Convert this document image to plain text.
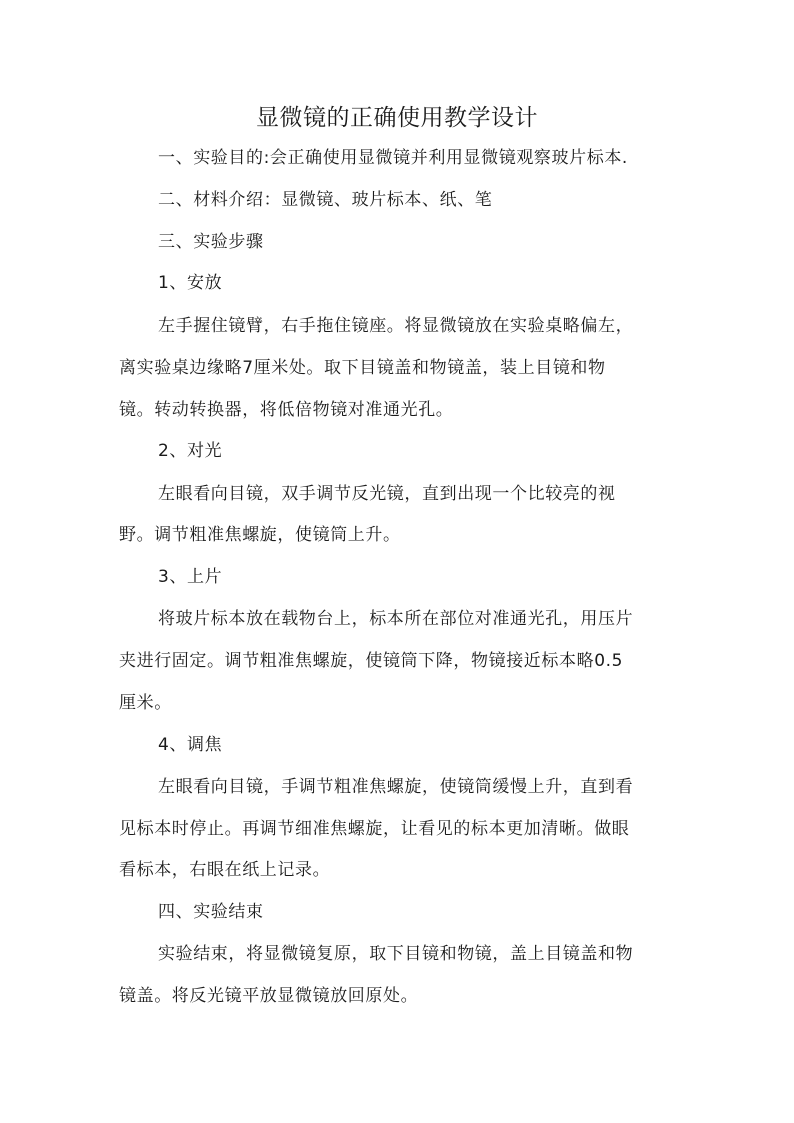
显微镜的正确使用教学设计
一、实验目的:会正确使用显微镜并利用显微镜观察玻片标本.
二、材料介绍：显微镜、玻片标本、纸、笔
三、实验步骤
1、安放
左手握住镜臂，右手拖住镜座。将显微镜放在实验桌略偏左，
离实验桌边缘略7厘米处。取下目镜盖和物镜盖，装上目镜和物
镜。转动转换器，将低倍物镜对准通光孔。
2、对光
左眼看向目镜，双手调节反光镜，直到出现一个比较亮的视
野。调节粗准焦螺旋，使镜筒上升。
3、上片
将玻片标本放在载物台上，标本所在部位对准通光孔，用压片
夹进行固定。调节粗准焦螺旋，使镜筒下降，物镜接近标本略0.5
厘米。
4、调焦
左眼看向目镜，手调节粗准焦螺旋，使镜筒缓慢上升，直到看
见标本时停止。再调节细准焦螺旋，让看见的标本更加清晰。做眼
看标本，右眼在纸上记录。
四、实验结束
实验结束，将显微镜复原，取下目镜和物镜，盖上目镜盖和物
镜盖。将反光镜平放显微镜放回原处。
